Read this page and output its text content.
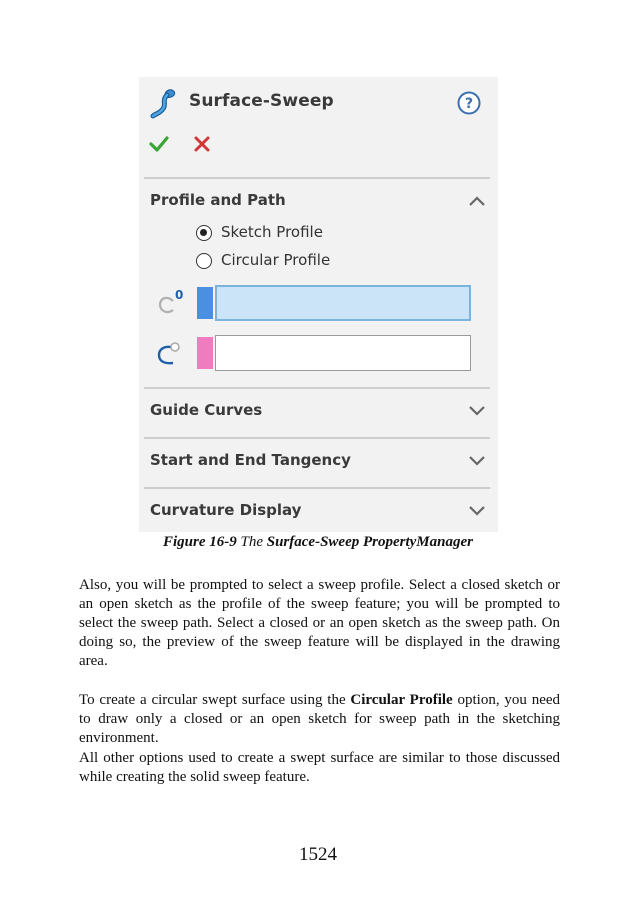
Surface-Sweep	?
Profile and Path
Sketch Profile
Circular Profile
0
Guide Curves
Start and End Tangency
Curvature Display
Figure 16-9 The Surface-Sweep PropertyManager
Also, you will be prompted to select a sweep profile. Select a closed sketch or an open sketch as the profile of the sweep feature; you will be prompted to select the sweep path. Select a closed or an open sketch as the sweep path. On doing so, the preview of the sweep feature will be displayed in the drawing area.
To create a circular swept surface using the Circular Profile option, you need to draw only a closed or an open sketch for sweep path in the sketching environment.
All other options used to create a swept surface are similar to those discussed while creating the solid sweep feature.
1524
